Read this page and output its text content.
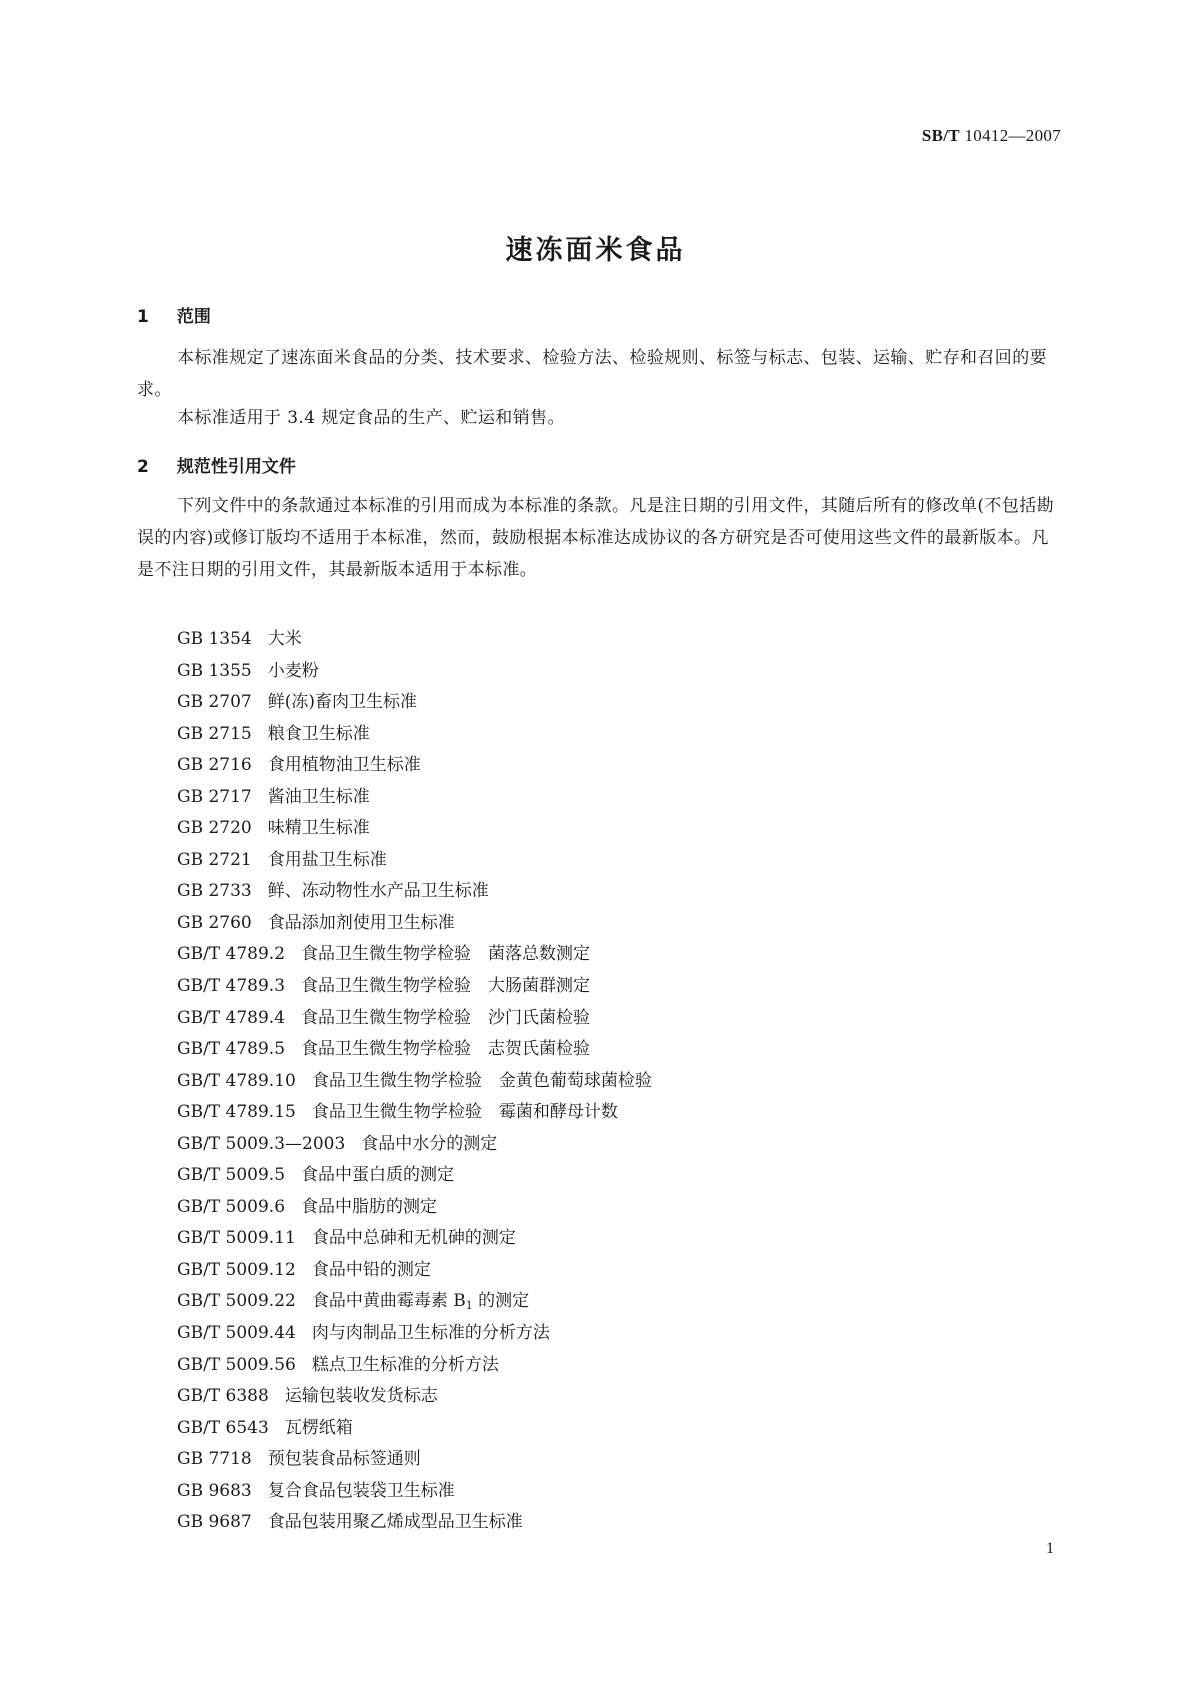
SB/T 10412—2007
速冻面米食品
1 范围
本标准规定了速冻面米食品的分类、技术要求、检验方法、检验规则、标签与标志、包装、运输、贮存和召回的要求。
本标准适用于 3.4 规定食品的生产、贮运和销售。
2 规范性引用文件
下列文件中的条款通过本标准的引用而成为本标准的条款。凡是注日期的引用文件，其随后所有的修改单(不包括勘误的内容)或修订版均不适用于本标准，然而，鼓励根据本标准达成协议的各方研究是否可使用这些文件的最新版本。凡是不注日期的引用文件，其最新版本适用于本标准。
GB 1354 大米
GB 1355 小麦粉
GB 2707 鲜(冻)畜肉卫生标准
GB 2715 粮食卫生标准
GB 2716 食用植物油卫生标准
GB 2717 酱油卫生标准
GB 2720 味精卫生标准
GB 2721 食用盐卫生标准
GB 2733 鲜、冻动物性水产品卫生标准
GB 2760 食品添加剂使用卫生标准
GB/T 4789.2 食品卫生微生物学检验　菌落总数测定
GB/T 4789.3 食品卫生微生物学检验　大肠菌群测定
GB/T 4789.4 食品卫生微生物学检验　沙门氏菌检验
GB/T 4789.5 食品卫生微生物学检验　志贺氏菌检验
GB/T 4789.10 食品卫生微生物学检验　金黄色葡萄球菌检验
GB/T 4789.15 食品卫生微生物学检验　霉菌和酵母计数
GB/T 5009.3—2003 食品中水分的测定
GB/T 5009.5 食品中蛋白质的测定
GB/T 5009.6 食品中脂肪的测定
GB/T 5009.11 食品中总砷和无机砷的测定
GB/T 5009.12 食品中铅的测定
GB/T 5009.22 食品中黄曲霉毒素 $B_1$ 的测定
GB/T 5009.44 肉与肉制品卫生标准的分析方法
GB/T 5009.56 糕点卫生标准的分析方法
GB/T 6388 运输包装收发货标志
GB/T 6543 瓦楞纸箱
GB 7718 预包装食品标签通则
GB 9683 复合食品包装袋卫生标准
GB 9687 食品包装用聚乙烯成型品卫生标准
1
